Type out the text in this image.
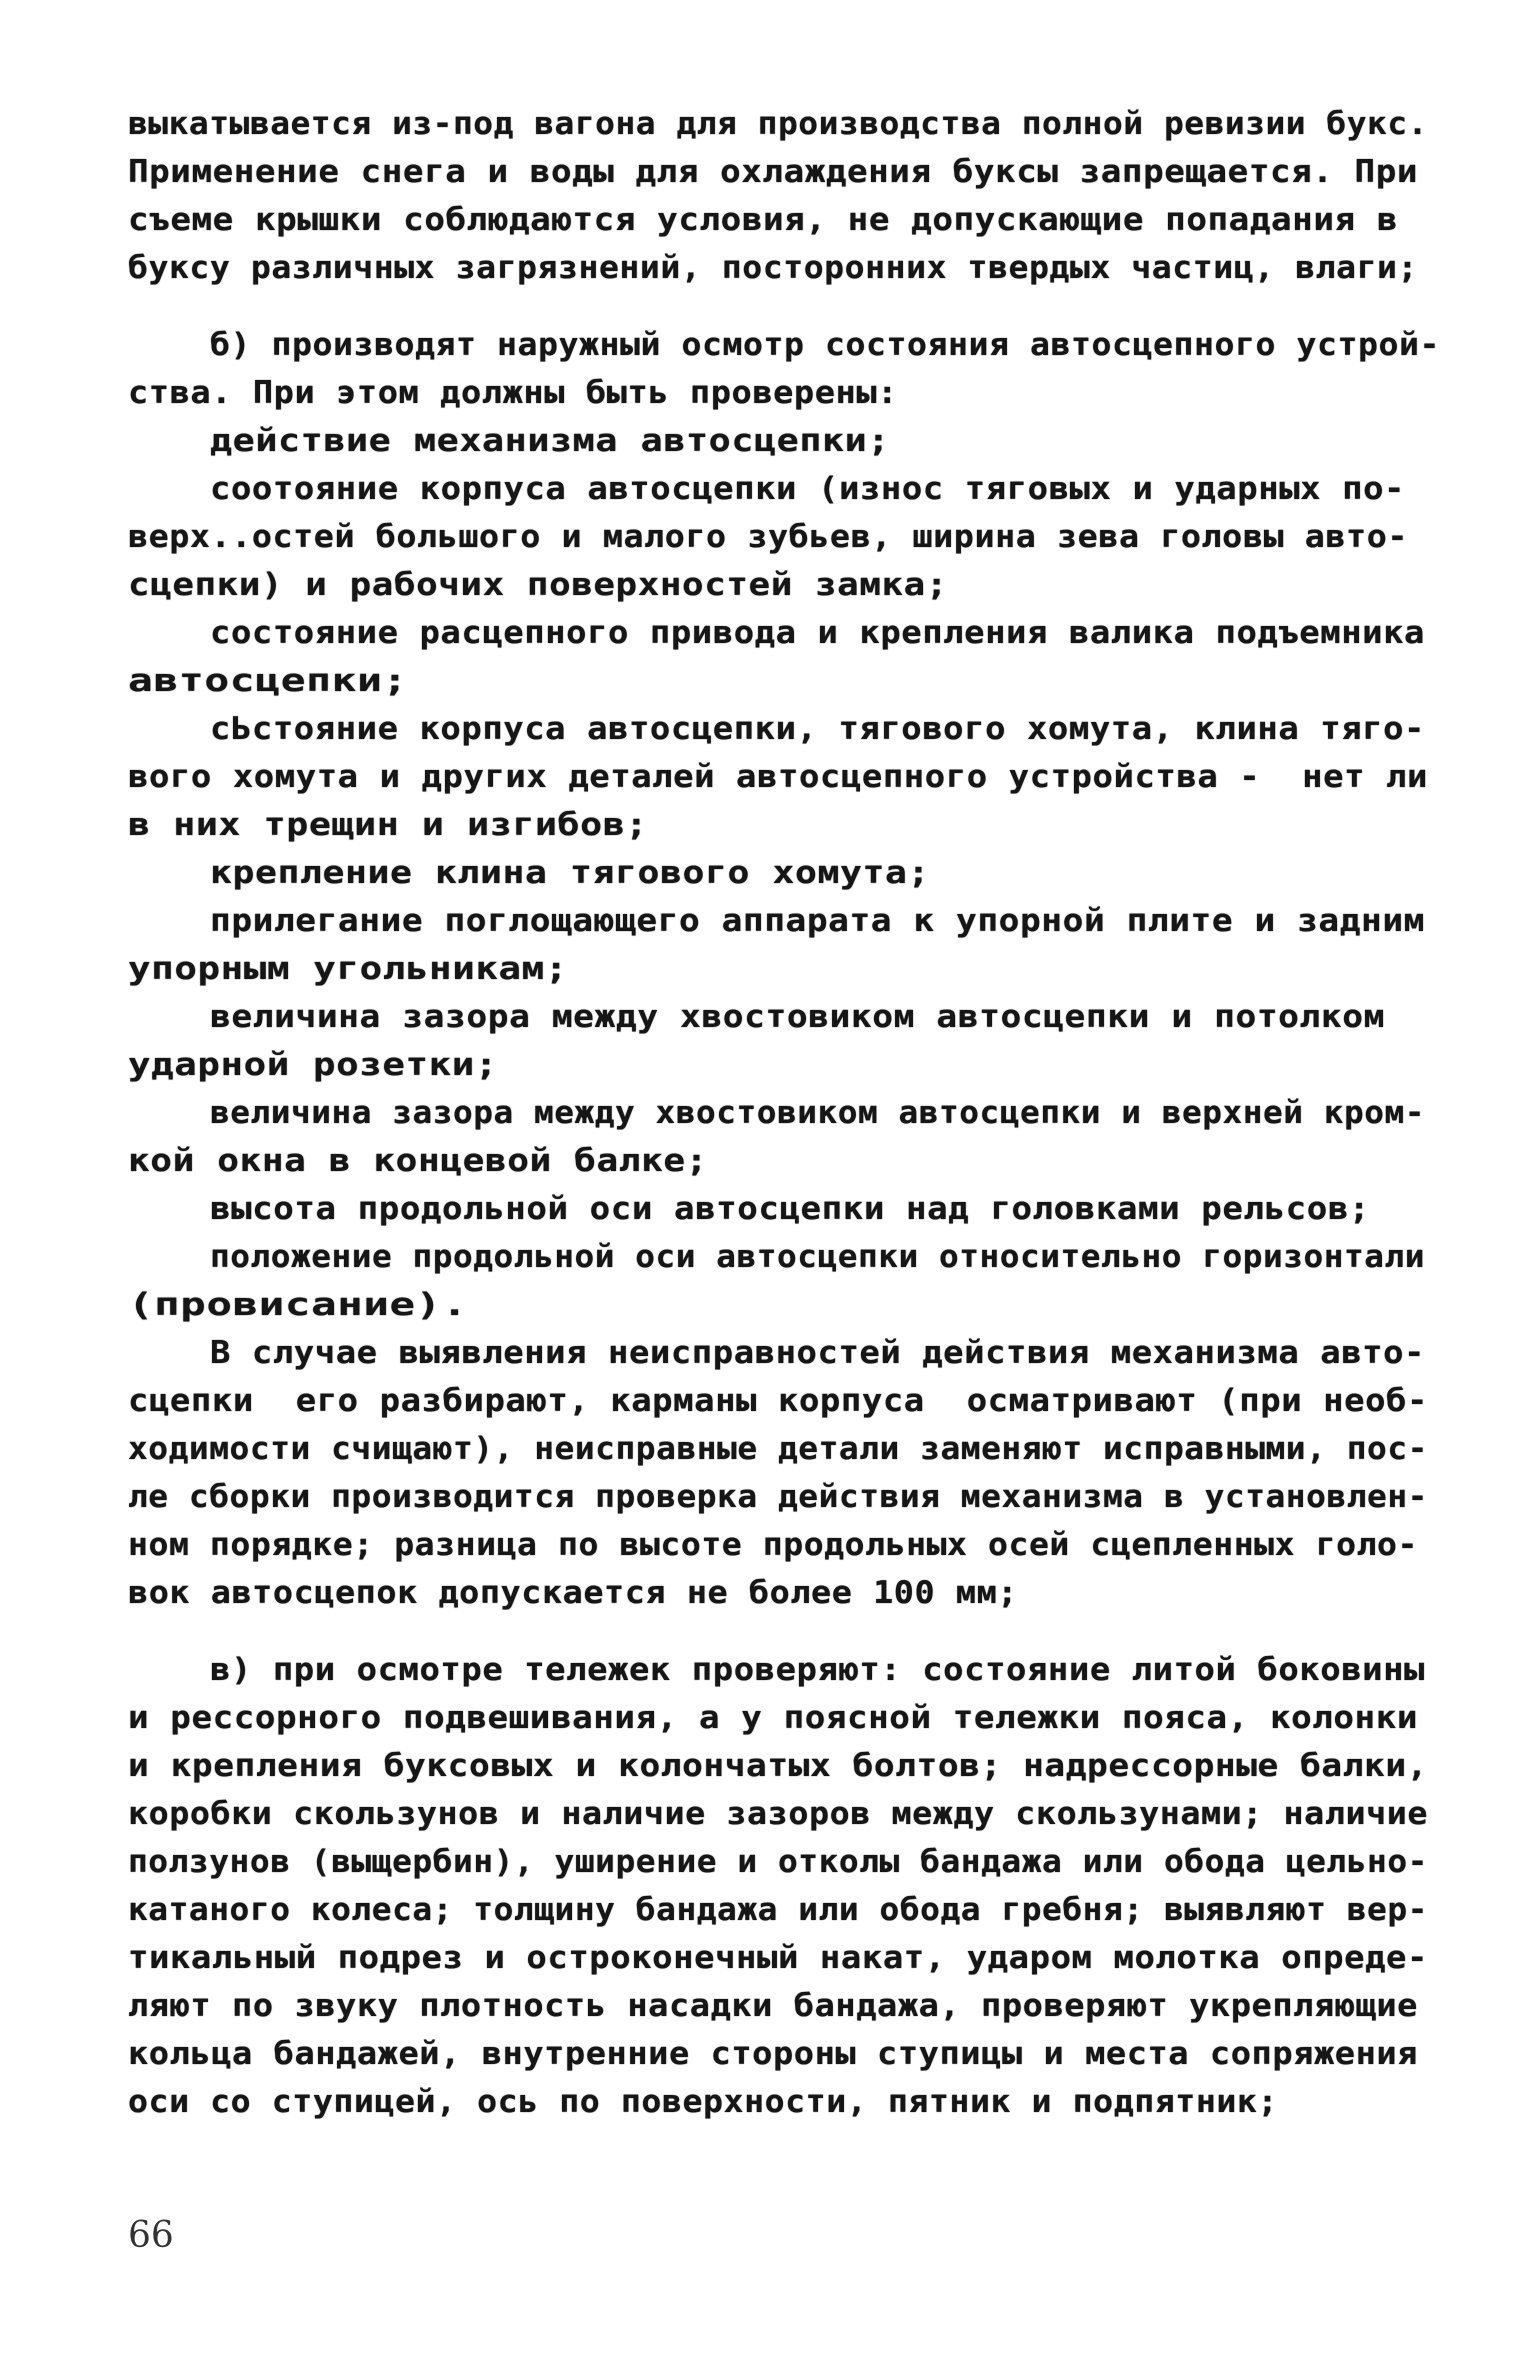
выкатывается из-под вагона для производства полной ревизии букс.
Применение снега и воды для охлаждения буксы запрещается. При
съеме крышки соблюдаются условия, не допускающие попадания в
буксу различных загрязнений, посторонних твердых частиц, влаги;
б) производят наружный осмотр состояния автосцепного устрой-
ства. При этом должны быть проверены:
действие механизма автосцепки;
соотояние корпуса автосцепки (износ тяговых и ударных по-
верх..остей большого и малого зубьев, ширина зева головы авто-
сцепки) и рабочих поверхностей замка;
состояние расцепного привода и крепления валика подъемника
автосцепки;
сЬстояние корпуса автосцепки, тягового хомута, клина тяго-
вого хомута и других деталей автосцепного устройства -  нет ли
в них трещин и изгибов;
крепление клина тягового хомута;
прилегание поглощающего аппарата к упорной плите и задним
упорным угольникам;
величина зазора между хвостовиком автосцепки и потолком
ударной розетки;
величина зазора между хвостовиком автосцепки и верхней кром-
кой окна в концевой балке;
высота продольной оси автосцепки над головками рельсов;
положение продольной оси автосцепки относительно горизонтали
(провисание).
В случае выявления неисправностей действия механизма авто-
сцепки  его разбирают, карманы корпуса  осматривают (при необ-
ходимости счищают), неисправные детали заменяют исправными, пос-
ле сборки производится проверка действия механизма в установлен-
ном порядке; разница по высоте продольных осей сцепленных голо-
вок автосцепок допускается не более 100 мм;
в) при осмотре тележек проверяют: состояние литой боковины
и рессорного подвешивания, а у поясной тележки пояса, колонки
и крепления буксовых и колончатых болтов; надрессорные балки,
коробки скользунов и наличие зазоров между скользунами; наличие
ползунов (выщербин), уширение и отколы бандажа или обода цельно-
катаного колеса; толщину бандажа или обода гребня; выявляют вер-
тикальный подрез и остроконечный накат, ударом молотка опреде-
ляют по звуку плотность насадки бандажа, проверяют укрепляющие
кольца бандажей, внутренние стороны ступицы и места сопряжения
оси со ступицей, ось по поверхности, пятник и подпятник;
66
